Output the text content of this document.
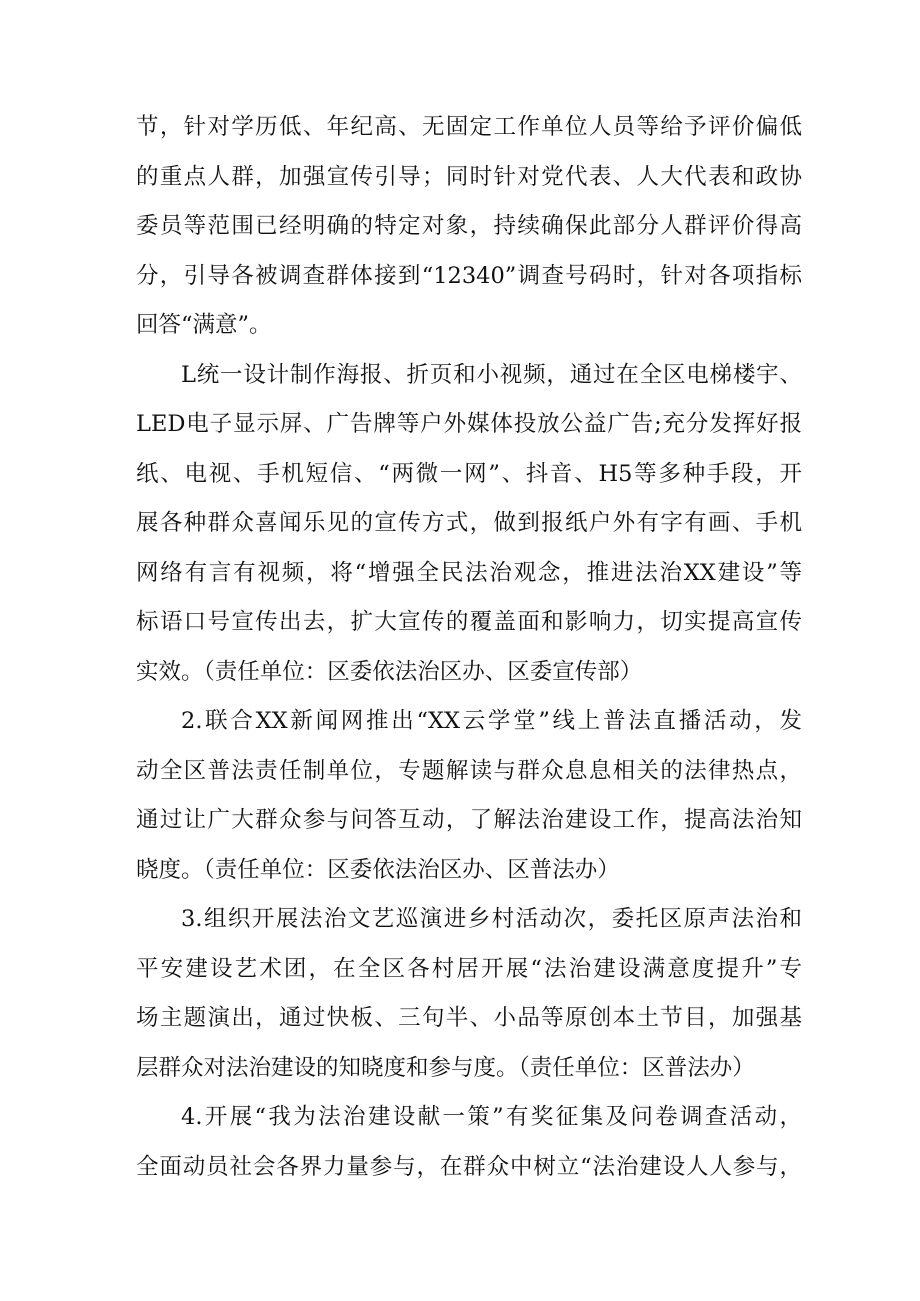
节，针对学历低、年纪高、无固定工作单位人员等给予评价偏低
的重点人群，加强宣传引导；同时针对党代表、人大代表和政协
委员等范围已经明确的特定对象，持续确保此部分人群评价得高
分，引导各被调查群体接到“12340”调查号码时，针对各项指标
回答“满意”。
L统一设计制作海报、折页和小视频，通过在全区电梯楼宇、
LED电子显示屏、广告牌等户外媒体投放公益广告;充分发挥好报
纸、电视、手机短信、“两微一网”、抖音、H5等多种手段，开
展各种群众喜闻乐见的宣传方式，做到报纸户外有字有画、手机
网络有言有视频，将“增强全民法治观念，推进法治XX建设”等
标语口号宣传出去，扩大宣传的覆盖面和影响力，切实提高宣传
实效。（责任单位：区委依法治区办、区委宣传部）
2.联合XX新闻网推出“XX云学堂”线上普法直播活动，发
动全区普法责任制单位，专题解读与群众息息相关的法律热点，
通过让广大群众参与问答互动，了解法治建设工作，提高法治知
晓度。（责任单位：区委依法治区办、区普法办）
3.组织开展法治文艺巡演进乡村活动次，委托区原声法治和
平安建设艺术团，在全区各村居开展“法治建设满意度提升”专
场主题演出，通过快板、三句半、小品等原创本土节目，加强基
层群众对法治建设的知晓度和参与度。（责任单位：区普法办）
4.开展“我为法治建设献一策”有奖征集及问卷调查活动，
全面动员社会各界力量参与，在群众中树立“法治建设人人参与，
